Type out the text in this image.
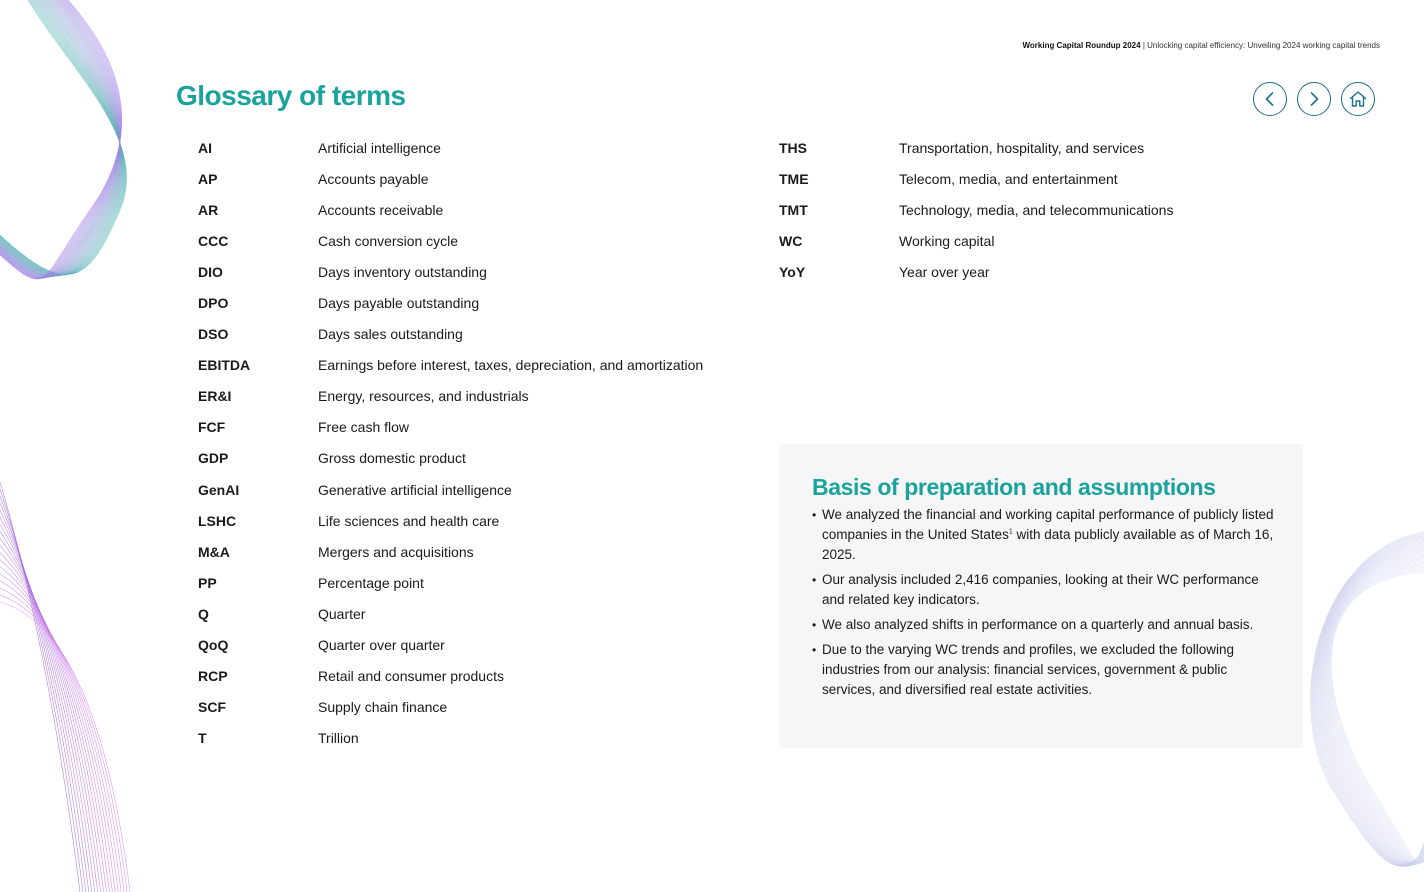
Working Capital Roundup 2024 | Unlocking capital efficiency: Unveiling 2024 working capital trends
Glossary of terms
AI	Artificial intelligence
AP	Accounts payable
AR	Accounts receivable
CCC	Cash conversion cycle
DIO	Days inventory outstanding
DPO	Days payable outstanding
DSO	Days sales outstanding
EBITDA	Earnings before interest, taxes, depreciation, and amortization
ER&I	Energy, resources, and industrials
FCF	Free cash flow
GDP	Gross domestic product
GenAI	Generative artificial intelligence
LSHC	Life sciences and health care
M&A	Mergers and acquisitions
PP	Percentage point
Q	Quarter
QoQ	Quarter over quarter
RCP	Retail and consumer products
SCF	Supply chain finance
T	Trillion
THS	Transportation, hospitality, and services
TME	Telecom, media, and entertainment
TMT	Technology, media, and telecommunications
WC	Working capital
YoY	Year over year
Basis of preparation and assumptions
• We analyzed the financial and working capital performance of publicly listed companies in the United States$^1$ with data publicly available as of March 16, 2025.
• Our analysis included 2,416 companies, looking at their WC performance and related key indicators.
• We also analyzed shifts in performance on a quarterly and annual basis.
• Due to the varying WC trends and profiles, we excluded the following industries from our analysis: financial services, government & public services, and diversified real estate activities.
